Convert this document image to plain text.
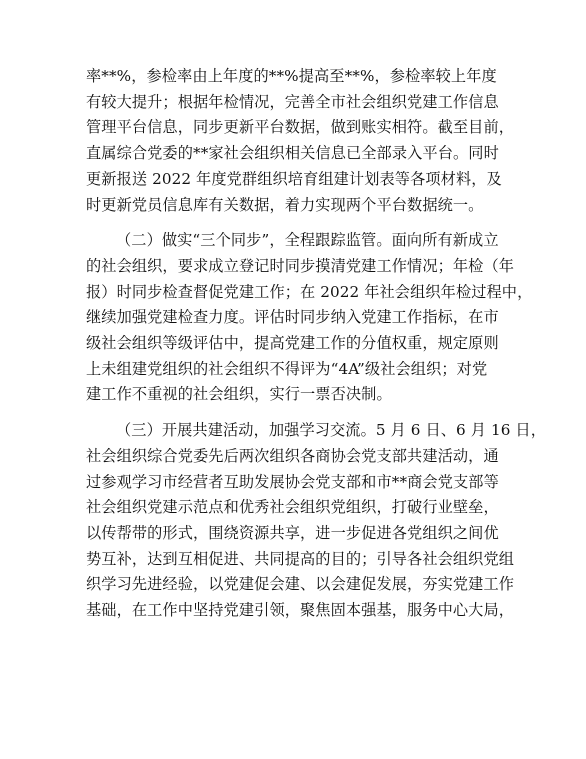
率**%，参检率由上年度的**%提高至**%，参检率较上年度
有较大提升；根据年检情况，完善全市社会组织党建工作信息
管理平台信息，同步更新平台数据，做到账实相符。截至目前，
直属综合党委的**家社会组织相关信息已全部录入平台。同时
更新报送 2022 年度党群组织培育组建计划表等各项材料，及
时更新党员信息库有关数据，着力实现两个平台数据统一。
（二）做实“三个同步”，全程跟踪监管。面向所有新成立
的社会组织，要求成立登记时同步摸清党建工作情况；年检（年
报）时同步检查督促党建工作；在 2022 年社会组织年检过程中，
继续加强党建检查力度。评估时同步纳入党建工作指标，在市
级社会组织等级评估中，提高党建工作的分值权重，规定原则
上未组建党组织的社会组织不得评为“4A”级社会组织；对党
建工作不重视的社会组织，实行一票否决制。
（三）开展共建活动，加强学习交流。5 月 6 日、6 月 16 日，
社会组织综合党委先后两次组织各商协会党支部共建活动，通
过参观学习市经营者互助发展协会党支部和市**商会党支部等
社会组织党建示范点和优秀社会组织党组织，打破行业壁垒，
以传帮带的形式，围绕资源共享，进一步促进各党组织之间优
势互补，达到互相促进、共同提高的目的；引导各社会组织党组
织学习先进经验，以党建促会建、以会建促发展，夯实党建工作
基础，在工作中坚持党建引领，聚焦固本强基，服务中心大局，
